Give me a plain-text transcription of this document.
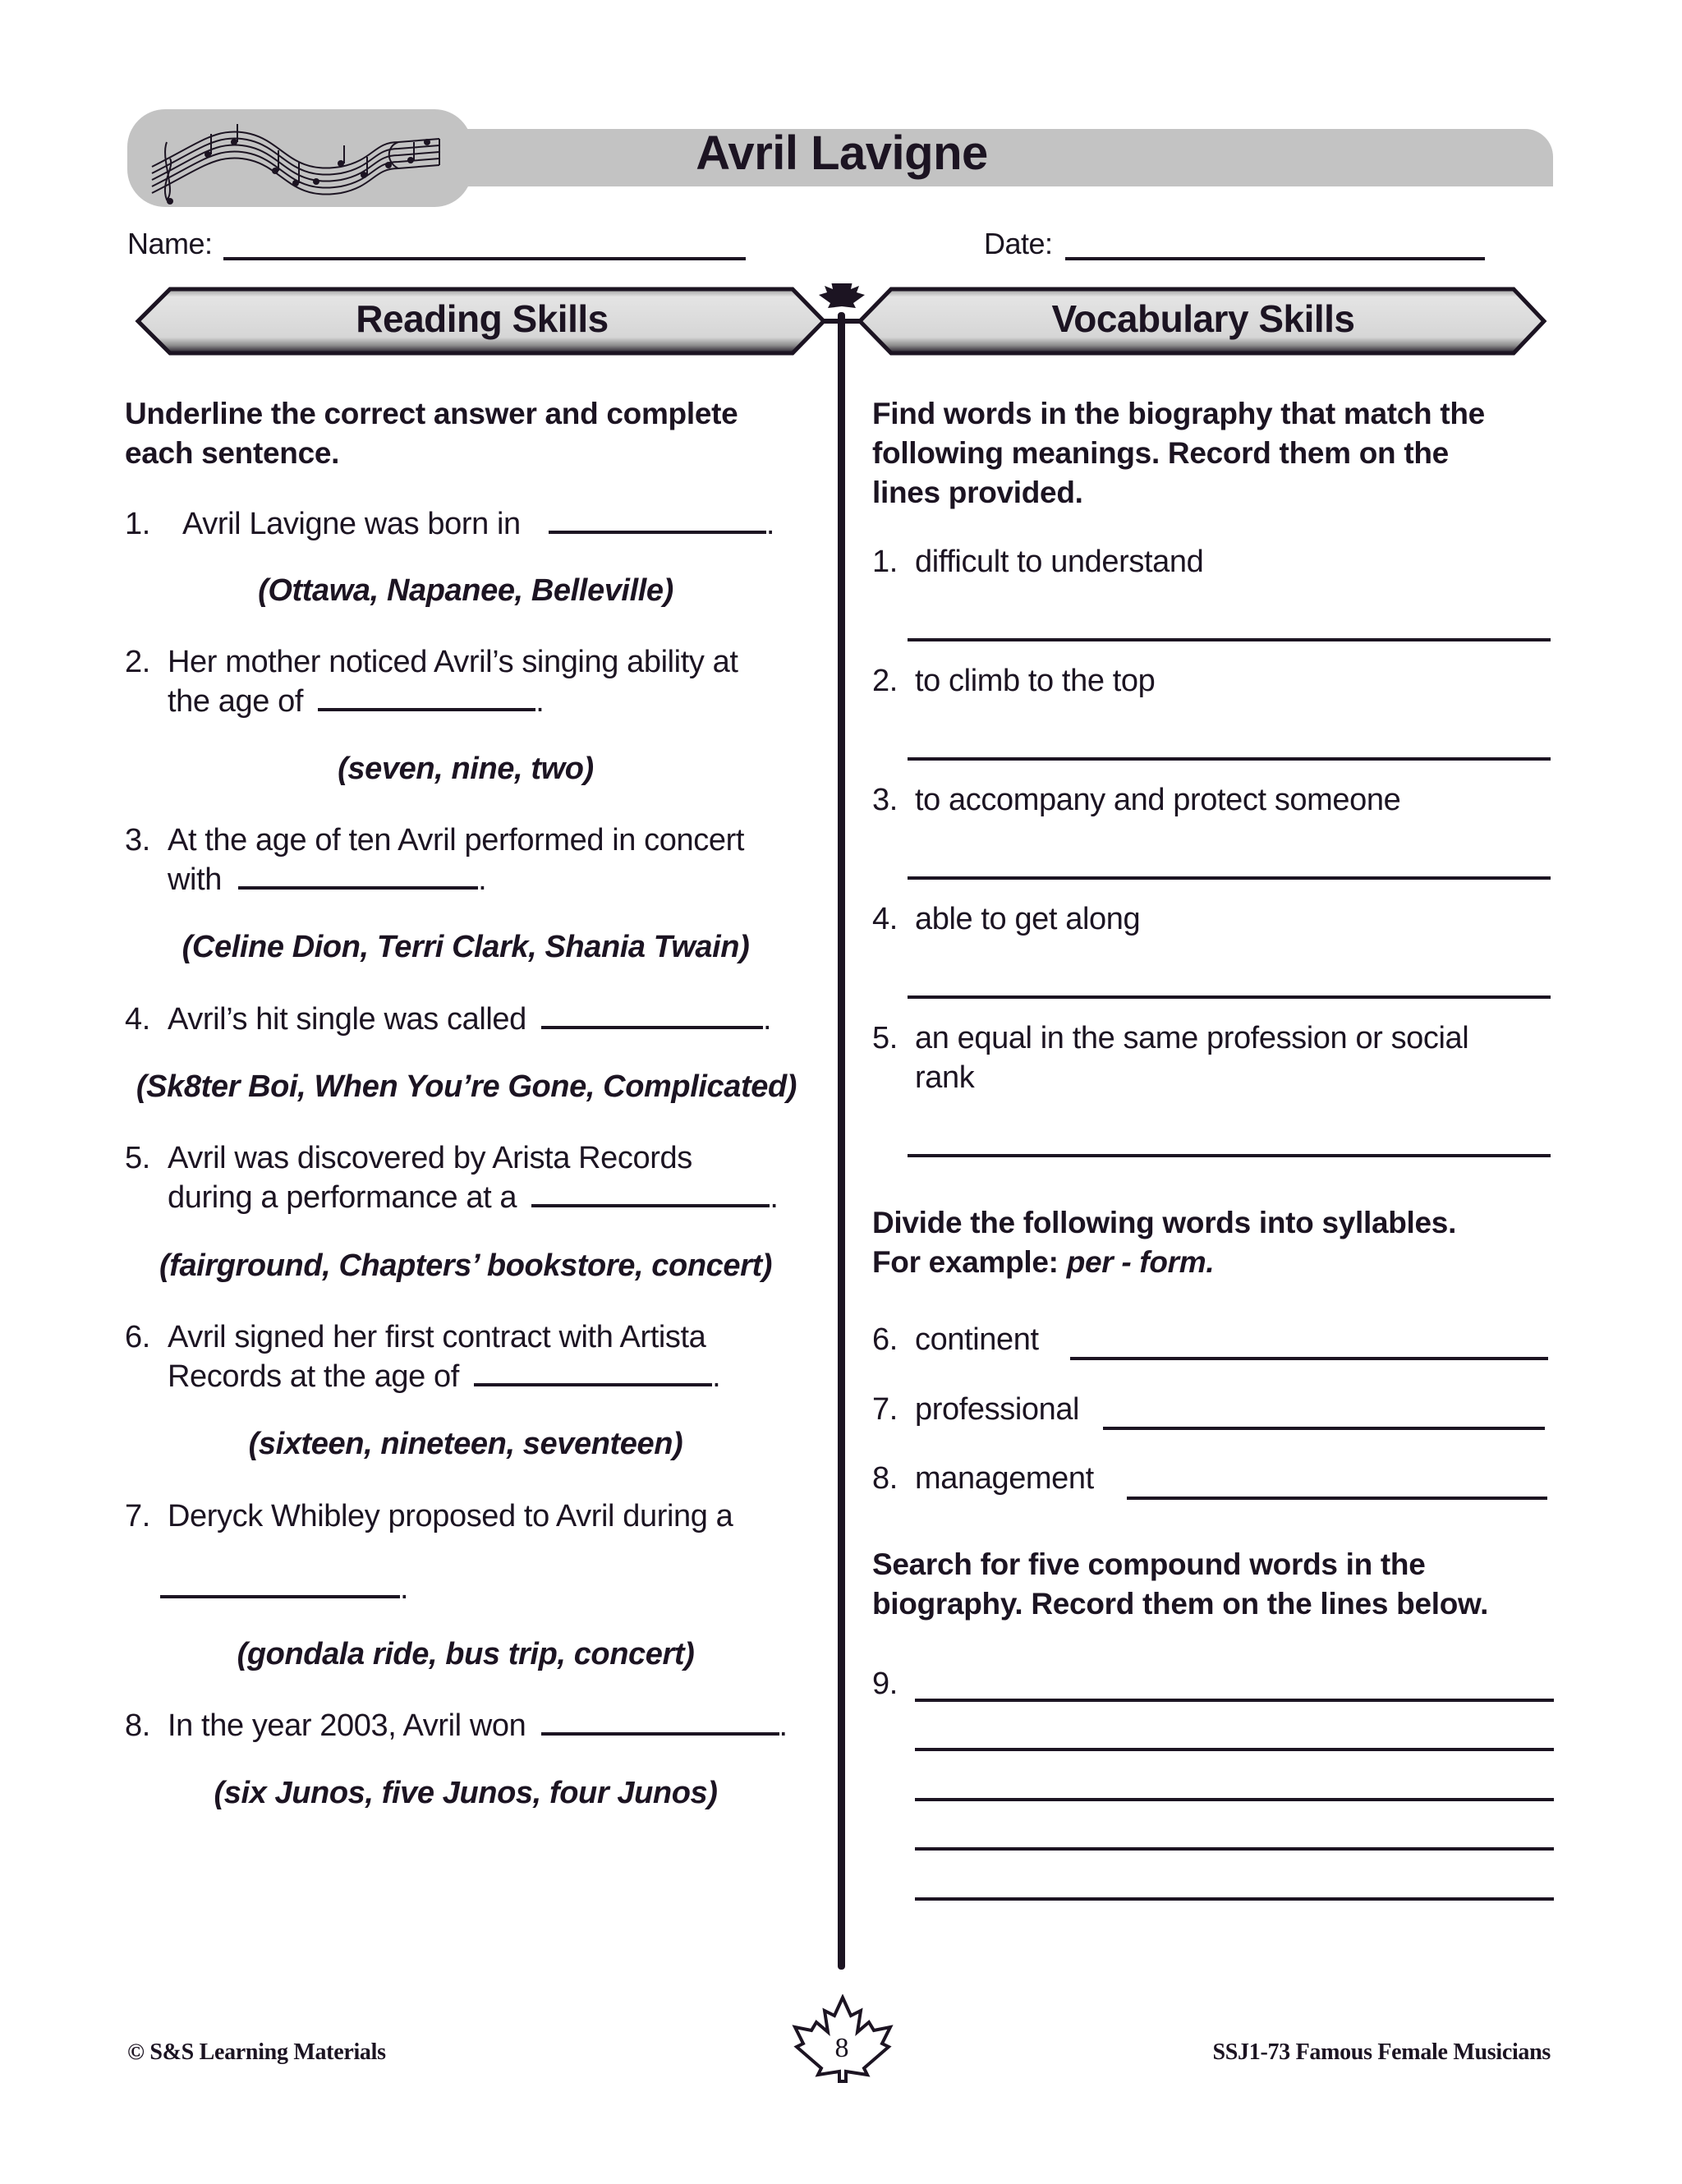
Avril Lavigne
Name:	Date:
Reading Skills	Vocabulary Skills
Underline the correct answer and complete
each sentence.
1. Avril Lavigne was born in	.
(Ottawa, Napanee, Belleville)
2. Her mother noticed Avril’s singing ability at
the age of	.
(seven, nine, two)
3. At the age of ten Avril performed in concert
with	.
(Celine Dion, Terri Clark, Shania Twain)
4. Avril’s hit single was called	.
(Sk8ter Boi, When You’re Gone, Complicated)
5. Avril was discovered by Arista Records
during a performance at a	.
(fairground, Chapters’ bookstore, concert)
6. Avril signed her first contract with Artista
Records at the age of	.
(sixteen, nineteen, seventeen)
7. Deryck Whibley proposed to Avril during a
.
(gondala ride, bus trip, concert)
8. In the year 2003, Avril won	.
(six Junos, five Junos, four Junos)
Find words in the biography that match the
following meanings. Record them on the
lines provided.
1. difficult to understand
2. to climb to the top
3. to accompany and protect someone
4. able to get along
5. an equal in the same profession or social
rank
Divide the following words into syllables.
For example: per - form.
6. continent
7. professional
8. management
Search for five compound words in the
biography. Record them on the lines below.
9.
© S&S Learning Materials	8	SSJ1-73 Famous Female Musicians
